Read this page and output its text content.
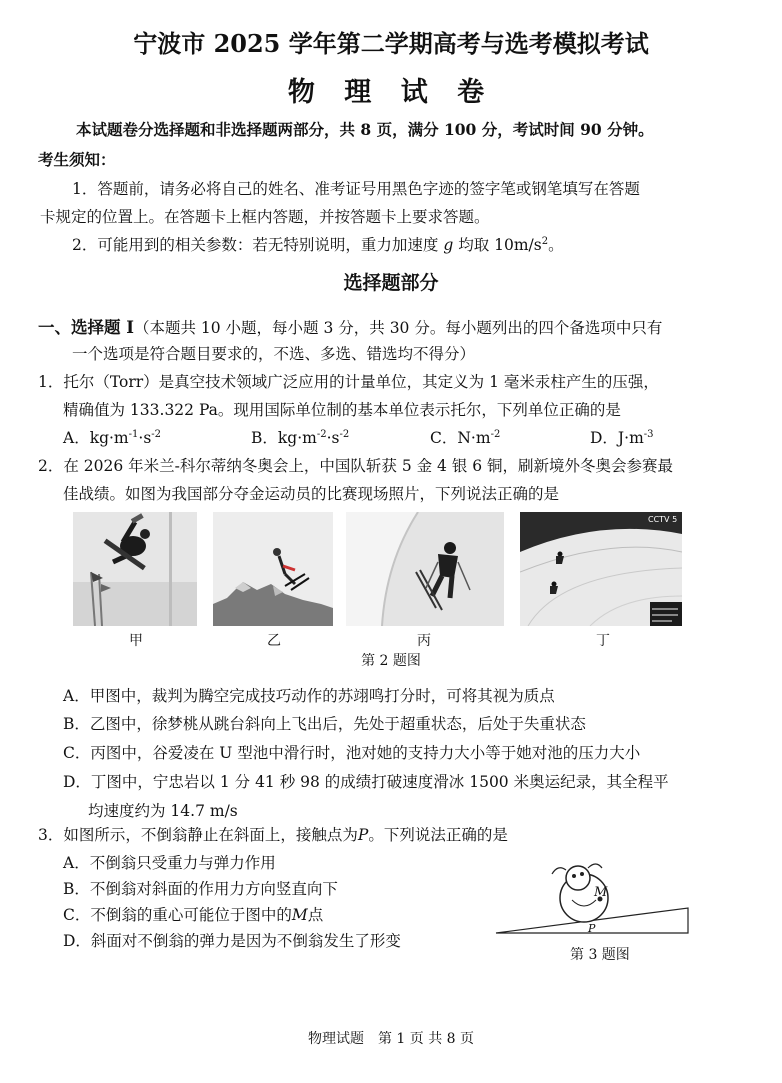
宁波市 2025 学年第二学期高考与选考模拟考试
物 理 试 卷
本试题卷分选择题和非选择题两部分，共 8 页，满分 100 分，考试时间 90 分钟。
考生须知：
1．答题前，请务必将自己的姓名、准考证号用黑色字迹的签字笔或钢笔填写在答题
卡规定的位置上。在答题卡上框内答题，并按答题卡上要求答题。
2．可能用到的相关参数：若无特别说明，重力加速度 g 均取 $10m/s^2$。
选择题部分
一、选择题 I（本题共 10 小题，每小题 3 分，共 30 分。每小题列出的四个备选项中只有
一个选项是符合题目要求的，不选、多选、错选均不得分）
1．托尔（Torr）是真空技术领域广泛应用的计量单位，其定义为 1 毫米汞柱产生的压强，
精确值为 133.322 Pa。现用国际单位制的基本单位表示托尔，下列单位正确的是
A．$kg\cdot m^{-1}\cdot s^{-2}$	B．$kg\cdot m^{-2}\cdot s^{-2}$	C．$N\cdot m^{-2}$	D．$J\cdot m^{-3}$
2．在 2026 年米兰-科尔蒂纳冬奥会上，中国队斩获 5 金 4 银 6 铜，刷新境外冬奥会参赛最
佳战绩。如图为我国部分夺金运动员的比赛现场照片，下列说法正确的是
CCTV 5
甲	乙	丙	丁
第 2 题图
A．甲图中，裁判为腾空完成技巧动作的苏翊鸣打分时，可将其视为质点
B．乙图中，徐梦桃从跳台斜向上飞出后，先处于超重状态，后处于失重状态
C．丙图中，谷爱凌在 U 型池中滑行时，池对她的支持力大小等于她对池的压力大小
D．丁图中，宁忠岩以 1 分 41 秒 98 的成绩打破速度滑冰 1500 米奥运纪录，其全程平
均速度约为 14.7 m/s
3．如图所示，不倒翁静止在斜面上，接触点为P。下列说法正确的是
A．不倒翁只受重力与弹力作用
B．不倒翁对斜面的作用力方向竖直向下
C．不倒翁的重心可能位于图中的M点
D．斜面对不倒翁的弹力是因为不倒翁发生了形变
M
P
第 3 题图
物理试题　第 1 页 共 8 页
